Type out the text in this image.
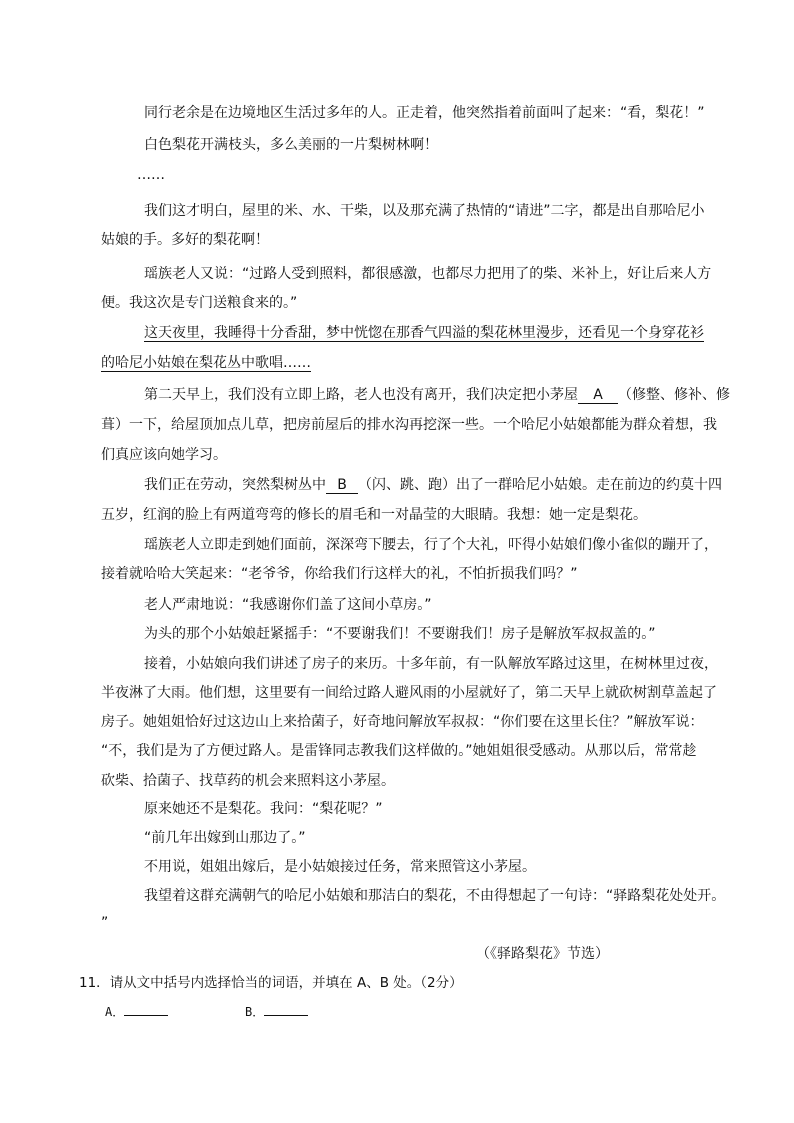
同行老余是在边境地区生活过多年的人。正走着，他突然指着前面叫了起来：“看，梨花！”
白色梨花开满枝头，多么美丽的一片梨树林啊！
……
我们这才明白，屋里的米、水、干柴，以及那充满了热情的“请进”二字，都是出自那哈尼小
姑娘的手。多好的梨花啊！
瑶族老人又说：“过路人受到照料，都很感激，也都尽力把用了的柴、米补上，好让后来人方
便。我这次是专门送粮食来的。”
这天夜里，我睡得十分香甜，梦中恍惚在那香气四溢的梨花林里漫步，还看见一个身穿花衫
的哈尼小姑娘在梨花丛中歌唱……
第二天早上，我们没有立即上路，老人也没有离开，我们决定把小茅屋 A （修整、修补、修
葺）一下，给屋顶加点儿草，把房前屋后的排水沟再挖深一些。一个哈尼小姑娘都能为群众着想，我
们真应该向她学习。
我们正在劳动，突然梨树丛中 B （闪、跳、跑）出了一群哈尼小姑娘。走在前边的约莫十四
五岁，红润的脸上有两道弯弯的修长的眉毛和一对晶莹的大眼睛。我想：她一定是梨花。
瑶族老人立即走到她们面前，深深弯下腰去，行了个大礼，吓得小姑娘们像小雀似的蹦开了，
接着就哈哈大笑起来：“老爷爷，你给我们行这样大的礼，不怕折损我们吗？”
老人严肃地说：“我感谢你们盖了这间小草房。”
为头的那个小姑娘赶紧摇手：“不要谢我们！不要谢我们！房子是解放军叔叔盖的。”
接着，小姑娘向我们讲述了房子的来历。十多年前，有一队解放军路过这里，在树林里过夜，
半夜淋了大雨。他们想，这里要有一间给过路人避风雨的小屋就好了，第二天早上就砍树割草盖起了
房子。她姐姐恰好过这边山上来拾菌子，好奇地问解放军叔叔：“你们要在这里长住？”解放军说：
“不，我们是为了方便过路人。是雷锋同志教我们这样做的。”她姐姐很受感动。从那以后，常常趁
砍柴、拾菌子、找草药的机会来照料这小茅屋。
原来她还不是梨花。我问：“梨花呢？”
“前几年出嫁到山那边了。”
不用说，姐姐出嫁后，是小姑娘接过任务，常来照管这小茅屋。
我望着这群充满朝气的哈尼小姑娘和那洁白的梨花，不由得想起了一句诗：“驿路梨花处处开。
”
（《驿路梨花》节选）
11．请从文中括号内选择恰当的词语，并填在 A、B 处。（2分）
A．	B．
